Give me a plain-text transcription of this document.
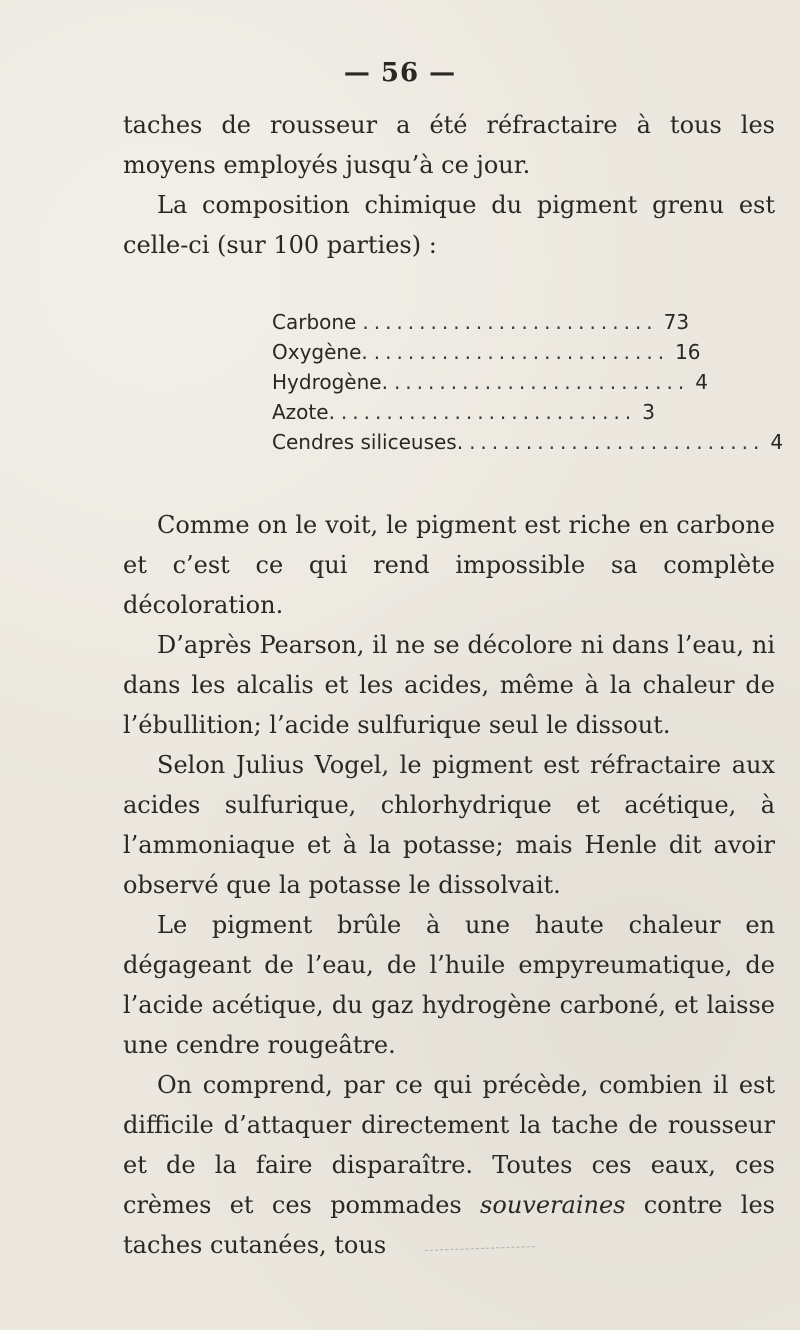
— 56 —

taches de rousseur a été réfractaire à tous les moyens employés jusqu’à ce jour.

La composition chimique du pigment grenu est celle-ci (sur 100 parties) :

Carbone .......................... 73
Oxygène. .......................... 16
Hydrogène. .......................... 4
Azote. .......................... 3
Cendres siliceuses. .......................... 4

Comme on le voit, le pigment est riche en carbone et c’est ce qui rend impossible sa complète décoloration.

D’après Pearson, il ne se décolore ni dans l’eau, ni dans les alcalis et les acides, même à la chaleur de l’ébullition; l’acide sulfurique seul le dissout.

Selon Julius Vogel, le pigment est réfractaire aux acides sulfurique, chlorhydrique et acétique, à l’ammoniaque et à la potasse; mais Henle dit avoir observé que la potasse le dissolvait.

Le pigment brûle à une haute chaleur en dégageant de l’eau, de l’huile empyreumatique, de l’acide acétique, du gaz hydrogène carboné, et laisse une cendre rougeâtre.

On comprend, par ce qui précède, combien il est difficile d’attaquer directement la tache de rousseur et de la faire disparaître. Toutes ces eaux, ces crèmes et ces pommades souveraines contre les taches cutanées, tous
